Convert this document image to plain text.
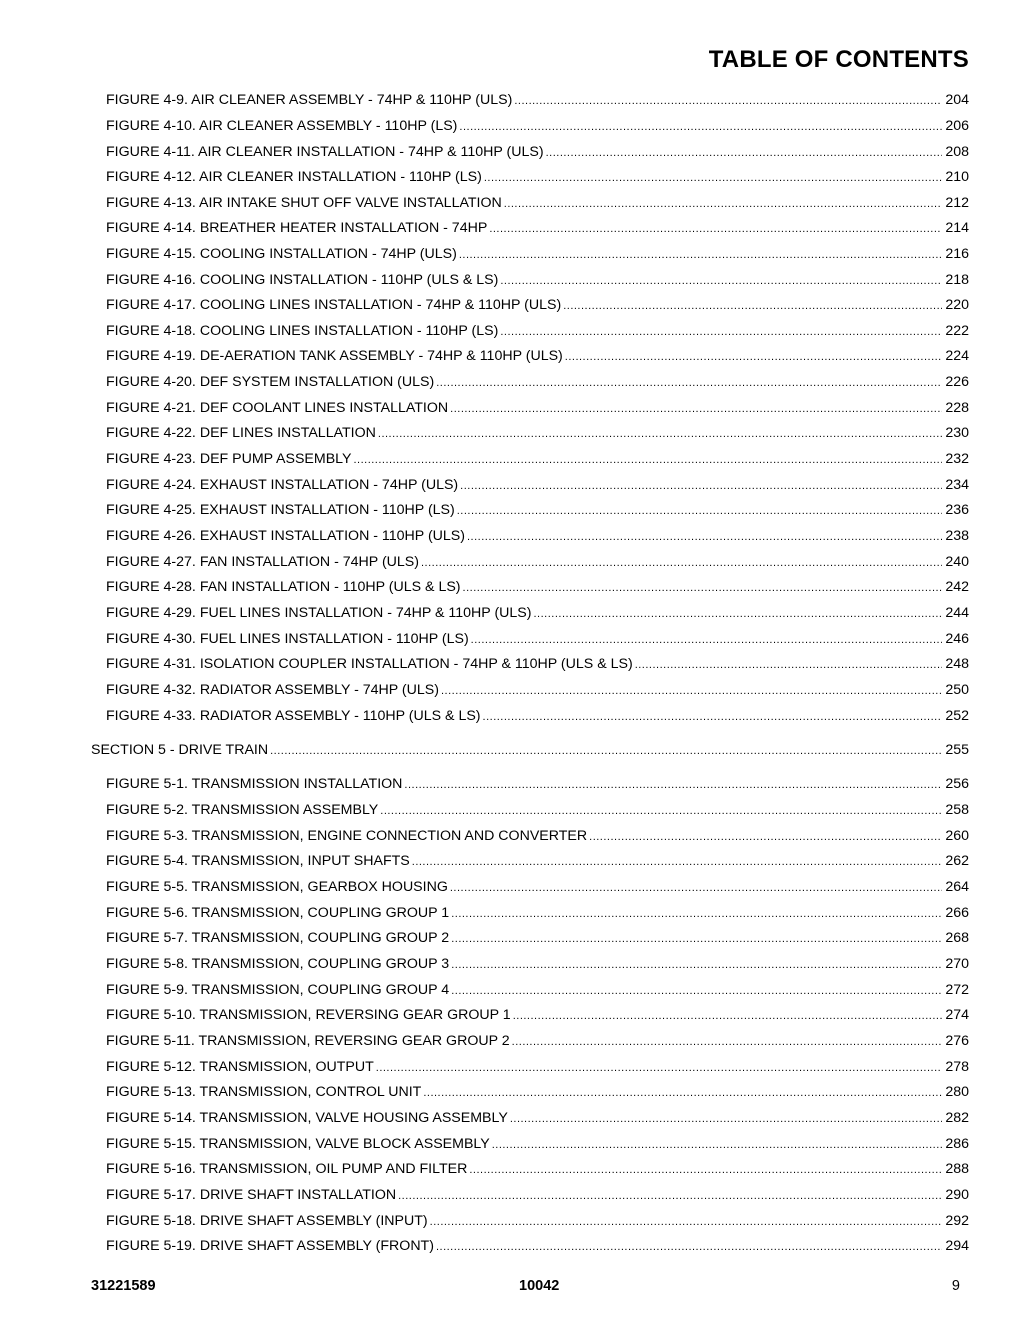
TABLE OF CONTENTS
FIGURE 4-9. AIR CLEANER ASSEMBLY - 74HP & 110HP (ULS) .....	204
FIGURE 4-10. AIR CLEANER ASSEMBLY - 110HP (LS) .....	206
FIGURE 4-11. AIR CLEANER INSTALLATION - 74HP & 110HP (ULS) .....	208
FIGURE 4-12. AIR CLEANER INSTALLATION - 110HP (LS) .....	210
FIGURE 4-13. AIR INTAKE SHUT OFF VALVE INSTALLATION .....	212
FIGURE 4-14. BREATHER HEATER INSTALLATION - 74HP .....	214
FIGURE 4-15. COOLING INSTALLATION - 74HP (ULS) .....	216
FIGURE 4-16. COOLING INSTALLATION - 110HP (ULS & LS) .....	218
FIGURE 4-17. COOLING LINES INSTALLATION - 74HP & 110HP (ULS) .....	220
FIGURE 4-18. COOLING LINES INSTALLATION - 110HP (LS) .....	222
FIGURE 4-19. DE-AERATION TANK ASSEMBLY - 74HP & 110HP (ULS) .....	224
FIGURE 4-20. DEF SYSTEM INSTALLATION (ULS) .....	226
FIGURE 4-21. DEF COOLANT LINES INSTALLATION .....	228
FIGURE 4-22. DEF LINES INSTALLATION .....	230
FIGURE 4-23. DEF PUMP ASSEMBLY .....	232
FIGURE 4-24. EXHAUST INSTALLATION - 74HP (ULS) .....	234
FIGURE 4-25. EXHAUST INSTALLATION - 110HP (LS) .....	236
FIGURE 4-26. EXHAUST INSTALLATION - 110HP (ULS) .....	238
FIGURE 4-27. FAN INSTALLATION - 74HP (ULS) .....	240
FIGURE 4-28. FAN INSTALLATION - 110HP (ULS & LS) .....	242
FIGURE 4-29. FUEL LINES INSTALLATION - 74HP & 110HP (ULS) .....	244
FIGURE 4-30. FUEL LINES INSTALLATION - 110HP (LS) .....	246
FIGURE 4-31. ISOLATION COUPLER INSTALLATION - 74HP & 110HP (ULS & LS) .....	248
FIGURE 4-32. RADIATOR ASSEMBLY - 74HP (ULS) .....	250
FIGURE 4-33. RADIATOR ASSEMBLY - 110HP (ULS & LS) .....	252
SECTION 5 - DRIVE TRAIN .....	255
FIGURE 5-1. TRANSMISSION INSTALLATION .....	256
FIGURE 5-2. TRANSMISSION ASSEMBLY .....	258
FIGURE 5-3. TRANSMISSION, ENGINE CONNECTION AND CONVERTER .....	260
FIGURE 5-4. TRANSMISSION, INPUT SHAFTS .....	262
FIGURE 5-5. TRANSMISSION, GEARBOX HOUSING .....	264
FIGURE 5-6. TRANSMISSION, COUPLING GROUP 1 .....	266
FIGURE 5-7. TRANSMISSION, COUPLING GROUP 2 .....	268
FIGURE 5-8. TRANSMISSION, COUPLING GROUP 3 .....	270
FIGURE 5-9. TRANSMISSION, COUPLING GROUP 4 .....	272
FIGURE 5-10. TRANSMISSION, REVERSING GEAR GROUP 1 .....	274
FIGURE 5-11. TRANSMISSION, REVERSING GEAR GROUP 2 .....	276
FIGURE 5-12. TRANSMISSION, OUTPUT .....	278
FIGURE 5-13. TRANSMISSION, CONTROL UNIT .....	280
FIGURE 5-14. TRANSMISSION, VALVE HOUSING ASSEMBLY .....	282
FIGURE 5-15. TRANSMISSION, VALVE BLOCK ASSEMBLY .....	286
FIGURE 5-16. TRANSMISSION, OIL PUMP AND FILTER .....	288
FIGURE 5-17. DRIVE SHAFT INSTALLATION .....	290
FIGURE 5-18. DRIVE SHAFT ASSEMBLY (INPUT) .....	292
FIGURE 5-19. DRIVE SHAFT ASSEMBLY (FRONT) .....	294
31221589	10042	9
